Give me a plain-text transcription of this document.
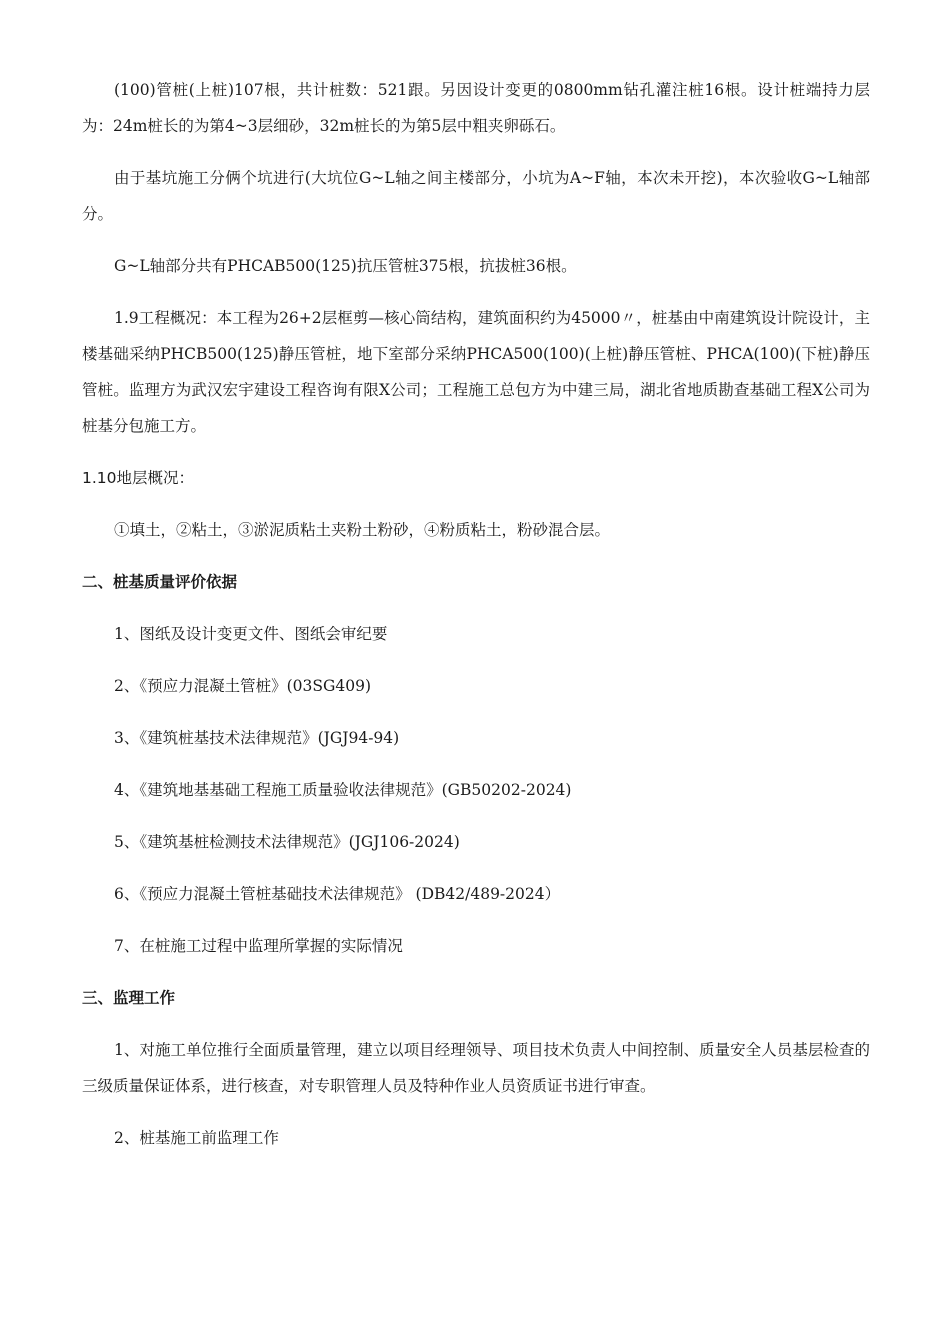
(100)管桩(上桩)107根，共计桩数：521跟。另因设计变更的0800mm钻孔灌注桩16根。设计桩端持力层为：24m桩长的为第4~3层细砂，32m桩长的为第5层中粗夹卵砾石。

由于基坑施工分俩个坑进行(大坑位G~L轴之间主楼部分，小坑为A~F轴，本次未开挖)，本次验收G~L轴部分。

G~L轴部分共有PHCAB500(125)抗压管桩375根，抗拔桩36根。

1.9工程概况：本工程为26+2层框剪—核心筒结构，建筑面积约为45000〃，桩基由中南建筑设计院设计，主楼基础采纳PHCB500(125)静压管桩，地下室部分采纳PHCA500(100)(上桩)静压管桩、PHCA(100)(下桩)静压管桩。监理方为武汉宏宇建设工程咨询有限X公司；工程施工总包方为中建三局，湖北省地质勘查基础工程X公司为桩基分包施工方。

1.10地层概况：

①填土，②粘土，③淤泥质粘土夹粉土粉砂，④粉质粘土，粉砂混合层。

二、桩基质量评价依据

1、图纸及设计变更文件、图纸会审纪要

2、《预应力混凝土管桩》(03SG409)

3、《建筑桩基技术法律规范》(JGJ94-94)

4、《建筑地基基础工程施工质量验收法律规范》(GB50202-2024)

5、《建筑基桩检测技术法律规范》(JGJ106-2024)

6、《预应力混凝土管桩基础技术法律规范》 (DB42/489-2024）

7、在桩施工过程中监理所掌握的实际情况

三、监理工作

1、对施工单位推行全面质量管理，建立以项目经理领导、项目技术负责人中间控制、质量安全人员基层检查的三级质量保证体系，进行核查，对专职管理人员及特种作业人员资质证书进行审查。

2、桩基施工前监理工作
